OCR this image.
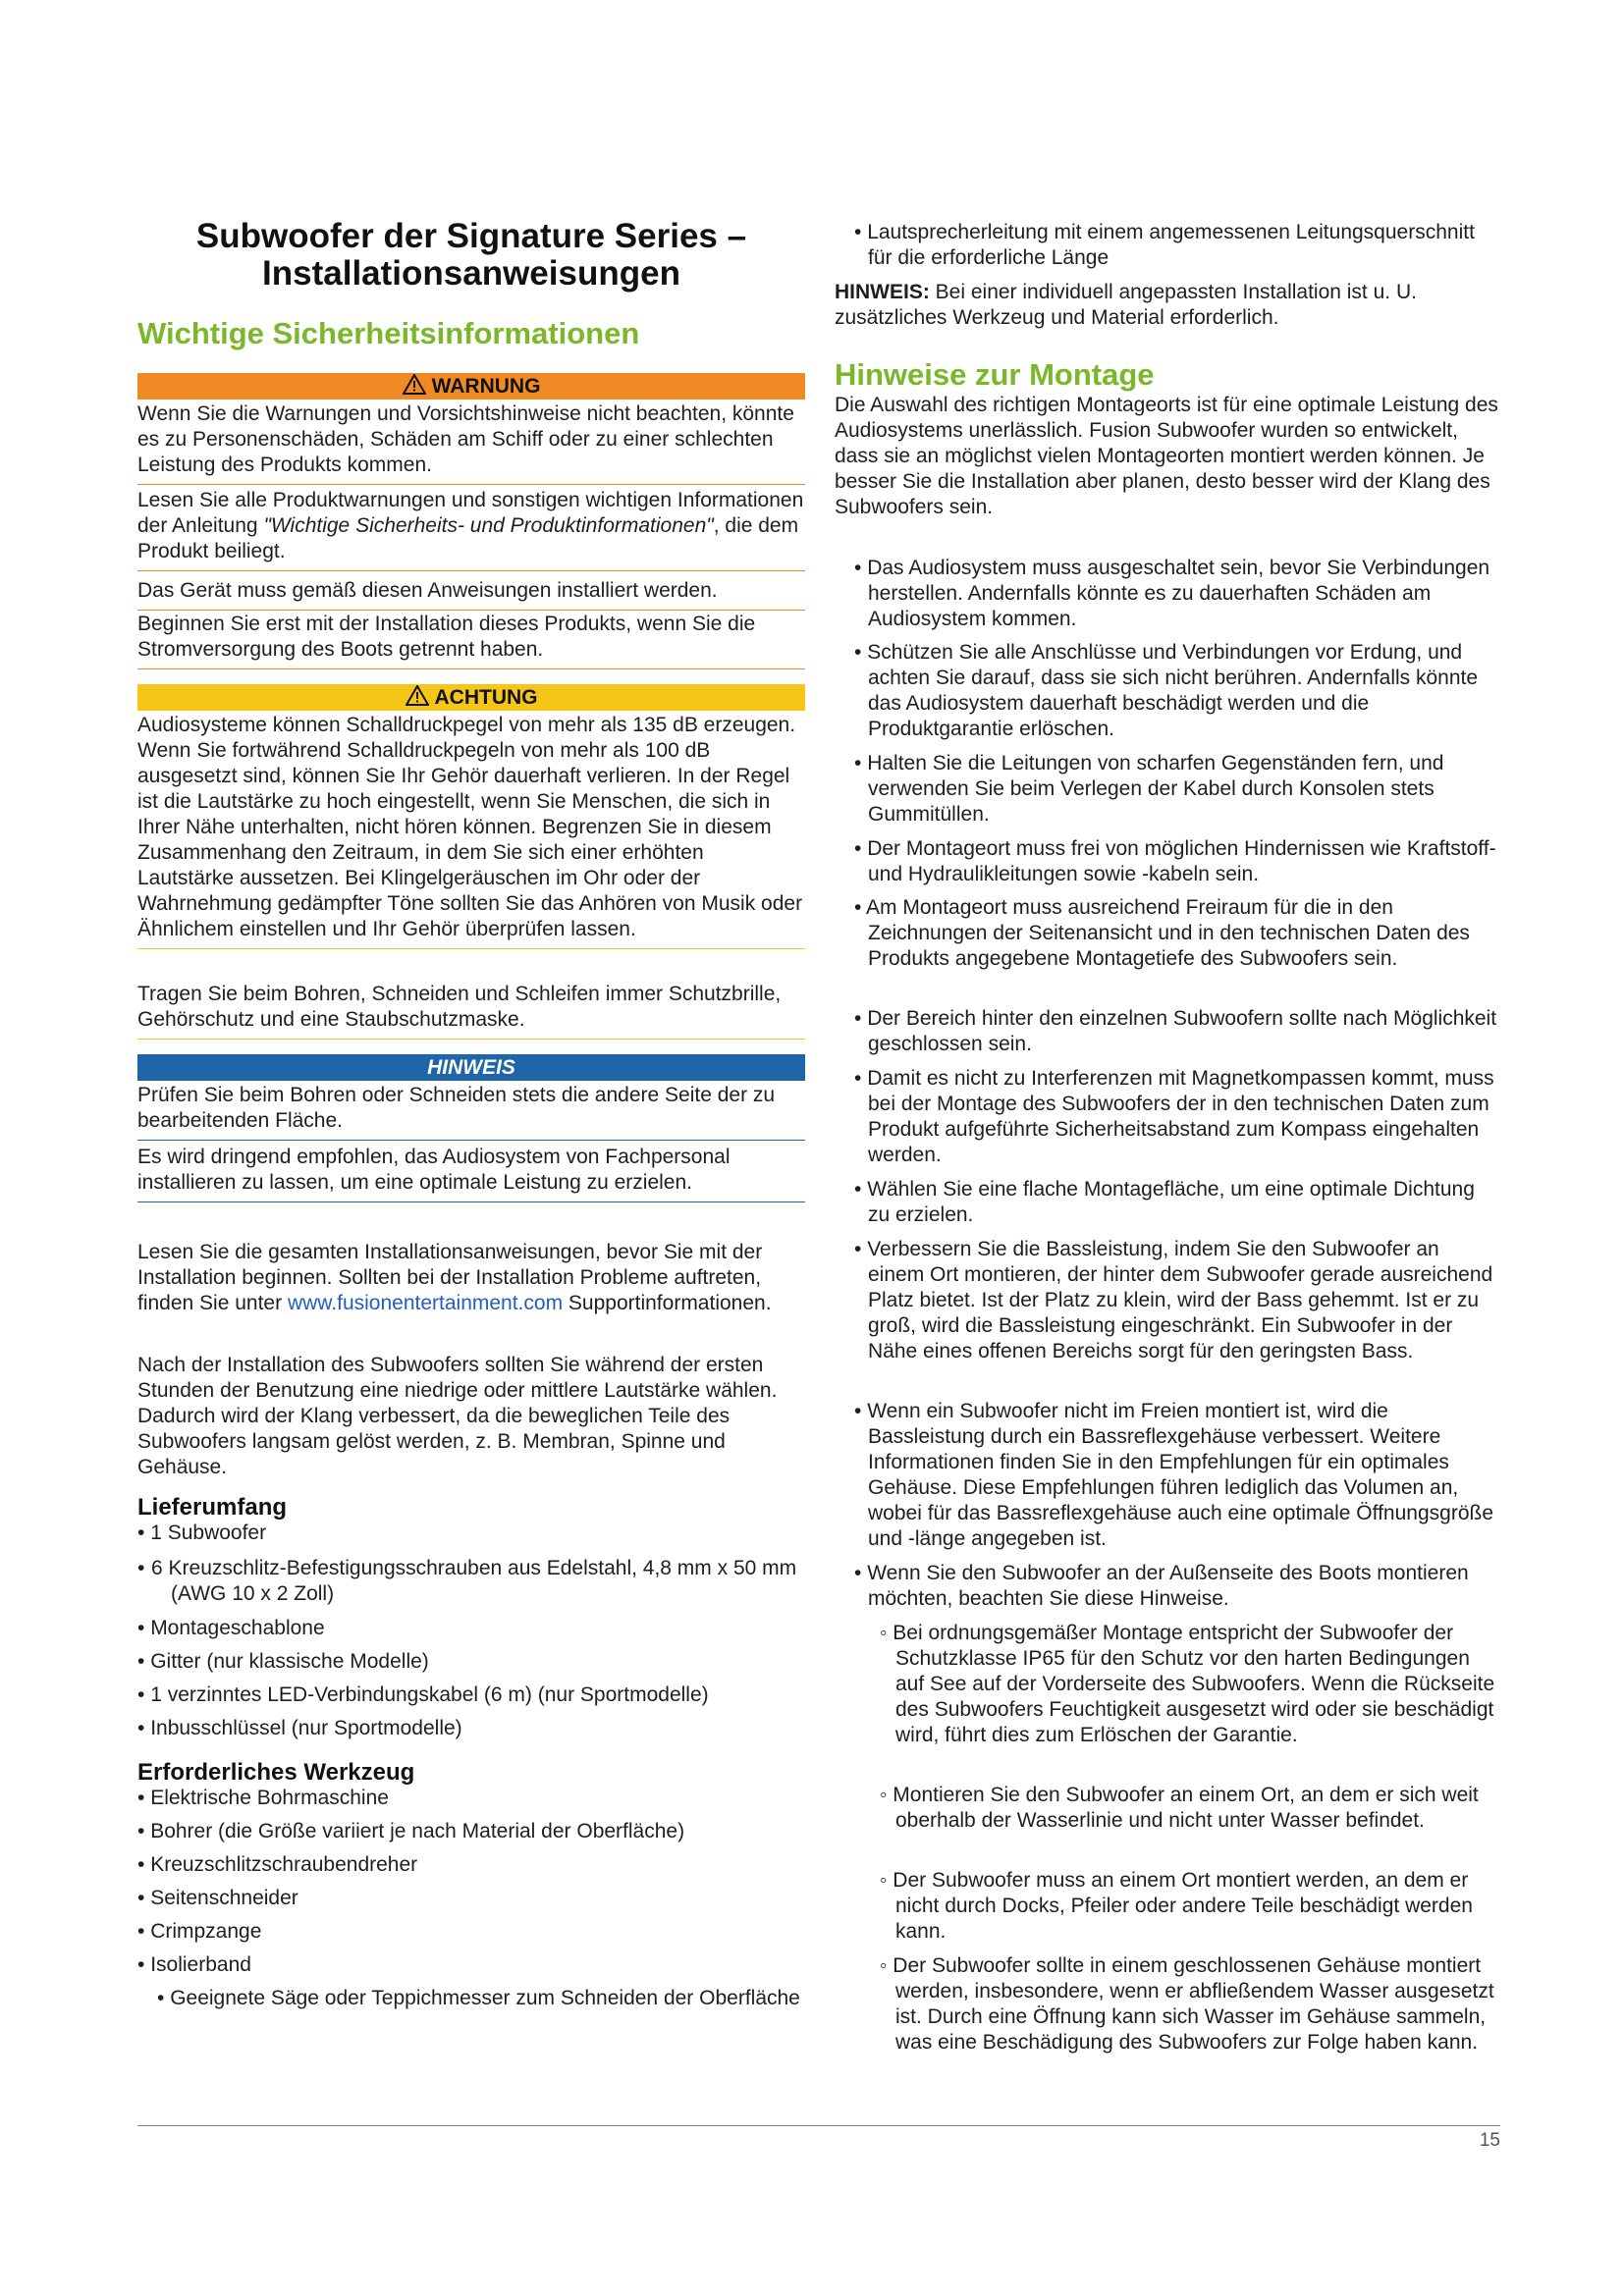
Subwoofer der Signature Series –
Installationsanweisungen
Wichtige Sicherheitsinformationen
WARNUNG
Wenn Sie die Warnungen und Vorsichtshinweise nicht beachten, könnte es zu Personenschäden, Schäden am Schiff oder zu einer schlechten Leistung des Produkts kommen.
Lesen Sie alle Produktwarnungen und sonstigen wichtigen Informationen der Anleitung "Wichtige Sicherheits- und Produktinformationen", die dem Produkt beiliegt.
Das Gerät muss gemäß diesen Anweisungen installiert werden.
Beginnen Sie erst mit der Installation dieses Produkts, wenn Sie die Stromversorgung des Boots getrennt haben.
ACHTUNG
Audiosysteme können Schalldruckpegel von mehr als 135 dB erzeugen. Wenn Sie fortwährend Schalldruckpegeln von mehr als 100 dB ausgesetzt sind, können Sie Ihr Gehör dauerhaft verlieren. In der Regel ist die Lautstärke zu hoch eingestellt, wenn Sie Menschen, die sich in Ihrer Nähe unterhalten, nicht hören können. Begrenzen Sie in diesem Zusammenhang den Zeitraum, in dem Sie sich einer erhöhten Lautstärke aussetzen. Bei Klingelgeräuschen im Ohr oder der Wahrnehmung gedämpfter Töne sollten Sie das Anhören von Musik oder Ähnlichem einstellen und Ihr Gehör überprüfen lassen.
Tragen Sie beim Bohren, Schneiden und Schleifen immer Schutzbrille, Gehörschutz und eine Staubschutzmaske.
HINWEIS
Prüfen Sie beim Bohren oder Schneiden stets die andere Seite der zu bearbeitenden Fläche.
Es wird dringend empfohlen, das Audiosystem von Fachpersonal installieren zu lassen, um eine optimale Leistung zu erzielen.
Lesen Sie die gesamten Installationsanweisungen, bevor Sie mit der Installation beginnen. Sollten bei der Installation Probleme auftreten, finden Sie unter www.fusionentertainment.com Supportinformationen.
Nach der Installation des Subwoofers sollten Sie während der ersten Stunden der Benutzung eine niedrige oder mittlere Lautstärke wählen. Dadurch wird der Klang verbessert, da die beweglichen Teile des Subwoofers langsam gelöst werden, z. B. Membran, Spinne und Gehäuse.
Lieferumfang
• 1 Subwoofer
• 6 Kreuzschlitz-Befestigungsschrauben aus Edelstahl, 4,8 mm x 50 mm (AWG 10 x 2 Zoll)
• Montageschablone
• Gitter (nur klassische Modelle)
• 1 verzinntes LED-Verbindungskabel (6 m) (nur Sportmodelle)
• Inbusschlüssel (nur Sportmodelle)
Erforderliches Werkzeug
• Elektrische Bohrmaschine
• Bohrer (die Größe variiert je nach Material der Oberfläche)
• Kreuzschlitzschraubendreher
• Seitenschneider
• Crimpzange
• Isolierband
• Geeignete Säge oder Teppichmesser zum Schneiden der Oberfläche
• Lautsprecherleitung mit einem angemessenen Leitungsquerschnitt für die erforderliche Länge
HINWEIS: Bei einer individuell angepassten Installation ist u. U. zusätzliches Werkzeug und Material erforderlich.
Hinweise zur Montage
Die Auswahl des richtigen Montageorts ist für eine optimale Leistung des Audiosystems unerlässlich. Fusion Subwoofer wurden so entwickelt, dass sie an möglichst vielen Montageorten montiert werden können. Je besser Sie die Installation aber planen, desto besser wird der Klang des Subwoofers sein.
• Das Audiosystem muss ausgeschaltet sein, bevor Sie Verbindungen herstellen. Andernfalls könnte es zu dauerhaften Schäden am Audiosystem kommen.
• Schützen Sie alle Anschlüsse und Verbindungen vor Erdung, und achten Sie darauf, dass sie sich nicht berühren. Andernfalls könnte das Audiosystem dauerhaft beschädigt werden und die Produktgarantie erlöschen.
• Halten Sie die Leitungen von scharfen Gegenständen fern, und verwenden Sie beim Verlegen der Kabel durch Konsolen stets Gummitüllen.
• Der Montageort muss frei von möglichen Hindernissen wie Kraftstoff- und Hydraulikleitungen sowie -kabeln sein.
• Am Montageort muss ausreichend Freiraum für die in den Zeichnungen der Seitenansicht und in den technischen Daten des Produkts angegebene Montagetiefe des Subwoofers sein.
• Der Bereich hinter den einzelnen Subwoofern sollte nach Möglichkeit geschlossen sein.
• Damit es nicht zu Interferenzen mit Magnetkompassen kommt, muss bei der Montage des Subwoofers der in den technischen Daten zum Produkt aufgeführte Sicherheitsabstand zum Kompass eingehalten werden.
• Wählen Sie eine flache Montagefläche, um eine optimale Dichtung zu erzielen.
• Verbessern Sie die Bassleistung, indem Sie den Subwoofer an einem Ort montieren, der hinter dem Subwoofer gerade ausreichend Platz bietet. Ist der Platz zu klein, wird der Bass gehemmt. Ist er zu groß, wird die Bassleistung eingeschränkt. Ein Subwoofer in der Nähe eines offenen Bereichs sorgt für den geringsten Bass.
• Wenn ein Subwoofer nicht im Freien montiert ist, wird die Bassleistung durch ein Bassreflexgehäuse verbessert. Weitere Informationen finden Sie in den Empfehlungen für ein optimales Gehäuse. Diese Empfehlungen führen lediglich das Volumen an, wobei für das Bassreflexgehäuse auch eine optimale Öffnungsgröße und -länge angegeben ist.
• Wenn Sie den Subwoofer an der Außenseite des Boots montieren möchten, beachten Sie diese Hinweise.
◦ Bei ordnungsgemäßer Montage entspricht der Subwoofer der Schutzklasse IP65 für den Schutz vor den harten Bedingungen auf See auf der Vorderseite des Subwoofers. Wenn die Rückseite des Subwoofers Feuchtigkeit ausgesetzt wird oder sie beschädigt wird, führt dies zum Erlöschen der Garantie.
◦ Montieren Sie den Subwoofer an einem Ort, an dem er sich weit oberhalb der Wasserlinie und nicht unter Wasser befindet.
◦ Der Subwoofer muss an einem Ort montiert werden, an dem er nicht durch Docks, Pfeiler oder andere Teile beschädigt werden kann.
◦ Der Subwoofer sollte in einem geschlossenen Gehäuse montiert werden, insbesondere, wenn er abfließendem Wasser ausgesetzt ist. Durch eine Öffnung kann sich Wasser im Gehäuse sammeln, was eine Beschädigung des Subwoofers zur Folge haben kann.
15
